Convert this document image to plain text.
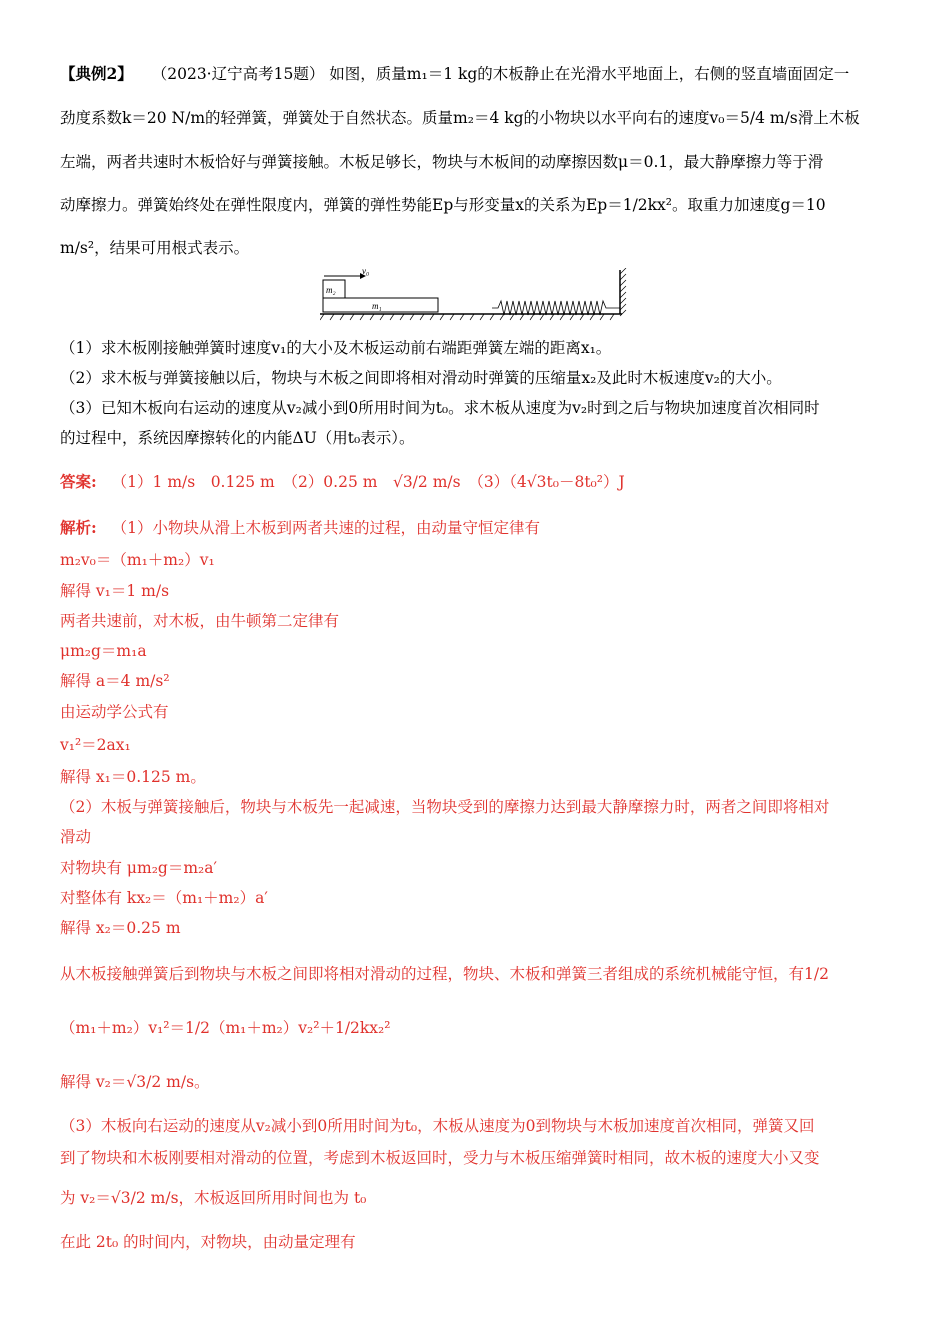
【典例2】 （2023·辽宁高考15题） 如图，质量m₁＝1 kg的木板静止在光滑水平地面上，右侧的竖直墙面固定一
劲度系数k＝20 N/m的轻弹簧，弹簧处于自然状态。质量m₂＝4 kg的小物块以水平向右的速度v₀＝5/4 m/s滑上木板
左端，两者共速时木板恰好与弹簧接触。木板足够长，物块与木板间的动摩擦因数μ＝0.1，最大静摩擦力等于滑
动摩擦力。弹簧始终处在弹性限度内，弹簧的弹性势能Ep与形变量x的关系为Ep＝1/2kx²。取重力加速度g＝10
m/s²，结果可用根式表示。
v₀
m₂
m₁
（1）求木板刚接触弹簧时速度v₁的大小及木板运动前右端距弹簧左端的距离x₁。
（2）求木板与弹簧接触以后，物块与木板之间即将相对滑动时弹簧的压缩量x₂及此时木板速度v₂的大小。
（3）已知木板向右运动的速度从v₂减小到0所用时间为t₀。求木板从速度为v₂时到之后与物块加速度首次相同时
的过程中，系统因摩擦转化的内能ΔU（用t₀表示）。
答案: （1）1 m/s　0.125 m　（2）0.25 m　√3/2 m/s　（3）（4√3t₀－8t₀²）J
解析: （1）小物块从滑上木板到两者共速的过程，由动量守恒定律有
m₂v₀＝（m₁＋m₂）v₁
解得 v₁＝1 m/s
两者共速前，对木板，由牛顿第二定律有
μm₂g＝m₁a
解得 a＝4 m/s²
由运动学公式有
v₁²＝2ax₁
解得 x₁＝0.125 m。
（2）木板与弹簧接触后，物块与木板先一起减速，当物块受到的摩擦力达到最大静摩擦力时，两者之间即将相对
滑动
对物块有 μm₂g＝m₂a′
对整体有 kx₂＝（m₁＋m₂）a′
解得 x₂＝0.25 m
从木板接触弹簧后到物块与木板之间即将相对滑动的过程，物块、木板和弹簧三者组成的系统机械能守恒，有1/2
（m₁＋m₂）v₁²＝1/2（m₁＋m₂）v₂²＋1/2kx₂²
解得 v₂＝√3/2 m/s。
（3）木板向右运动的速度从v₂减小到0所用时间为t₀，木板从速度为0到物块与木板加速度首次相同，弹簧又回
到了物块和木板刚要相对滑动的位置，考虑到木板返回时，受力与木板压缩弹簧时相同，故木板的速度大小又变
为 v₂＝√3/2 m/s，木板返回所用时间也为 t₀
在此 2t₀ 的时间内，对物块，由动量定理有
